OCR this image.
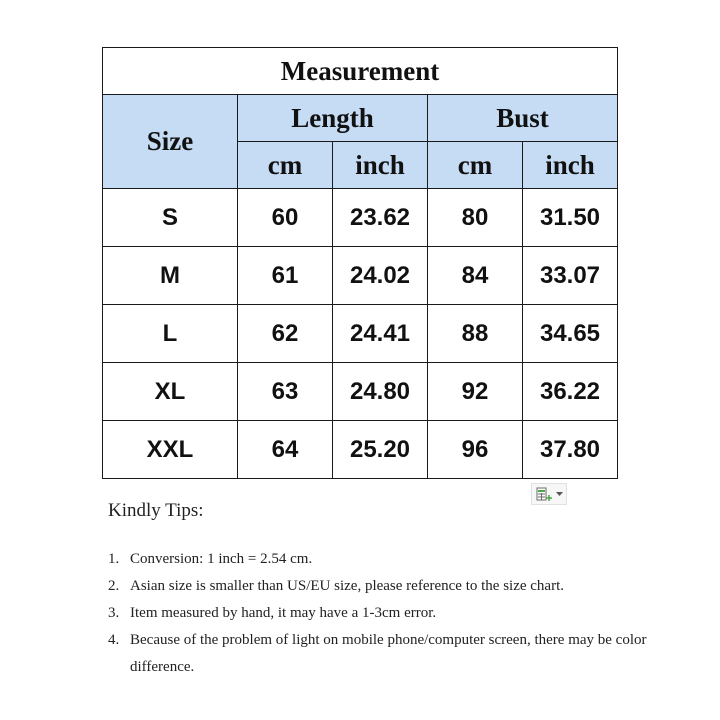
Measurement				
Size	Length		Bust	
	cm	inch	cm	inch
S	60	23.62	80	31.50
M	61	24.02	84	33.07
L	62	24.41	88	34.65
XL	63	24.80	92	36.22
XXL	64	25.20	96	37.80
Kindly Tips:
1. Conversion: 1 inch = 2.54 cm.
2. Asian size is smaller than US/EU size, please reference to the size chart.
3. Item measured by hand, it may have a 1-3cm error.
4. Because of the problem of light on mobile phone/computer screen, there may be color difference.
